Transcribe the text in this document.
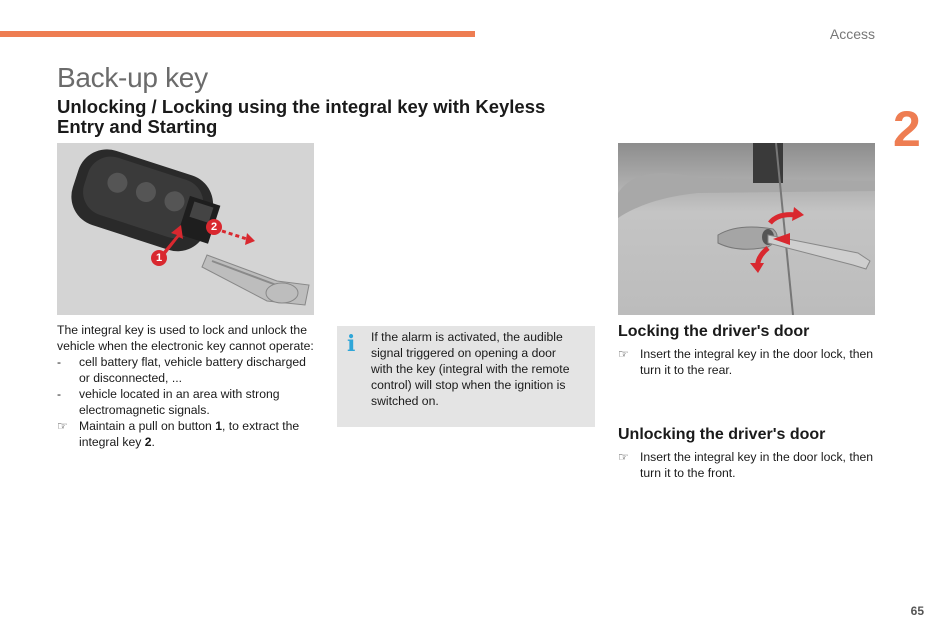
Access
2
Back-up key
Unlocking / Locking using the integral key with Keyless Entry and Starting
1
2
The integral key is used to lock and unlock the vehicle when the electronic key cannot operate:
- cell battery flat, vehicle battery discharged or disconnected, ...
- vehicle located in an area with strong electromagnetic signals.
☞ Maintain a pull on button 1, to extract the integral key 2.
i If the alarm is activated, the audible signal triggered on opening a door with the key (integral with the remote control) will stop when the ignition is switched on.
Locking the driver's door
☞ Insert the integral key in the door lock, then turn it to the rear.
Unlocking the driver's door
☞ Insert the integral key in the door lock, then turn it to the front.
65
